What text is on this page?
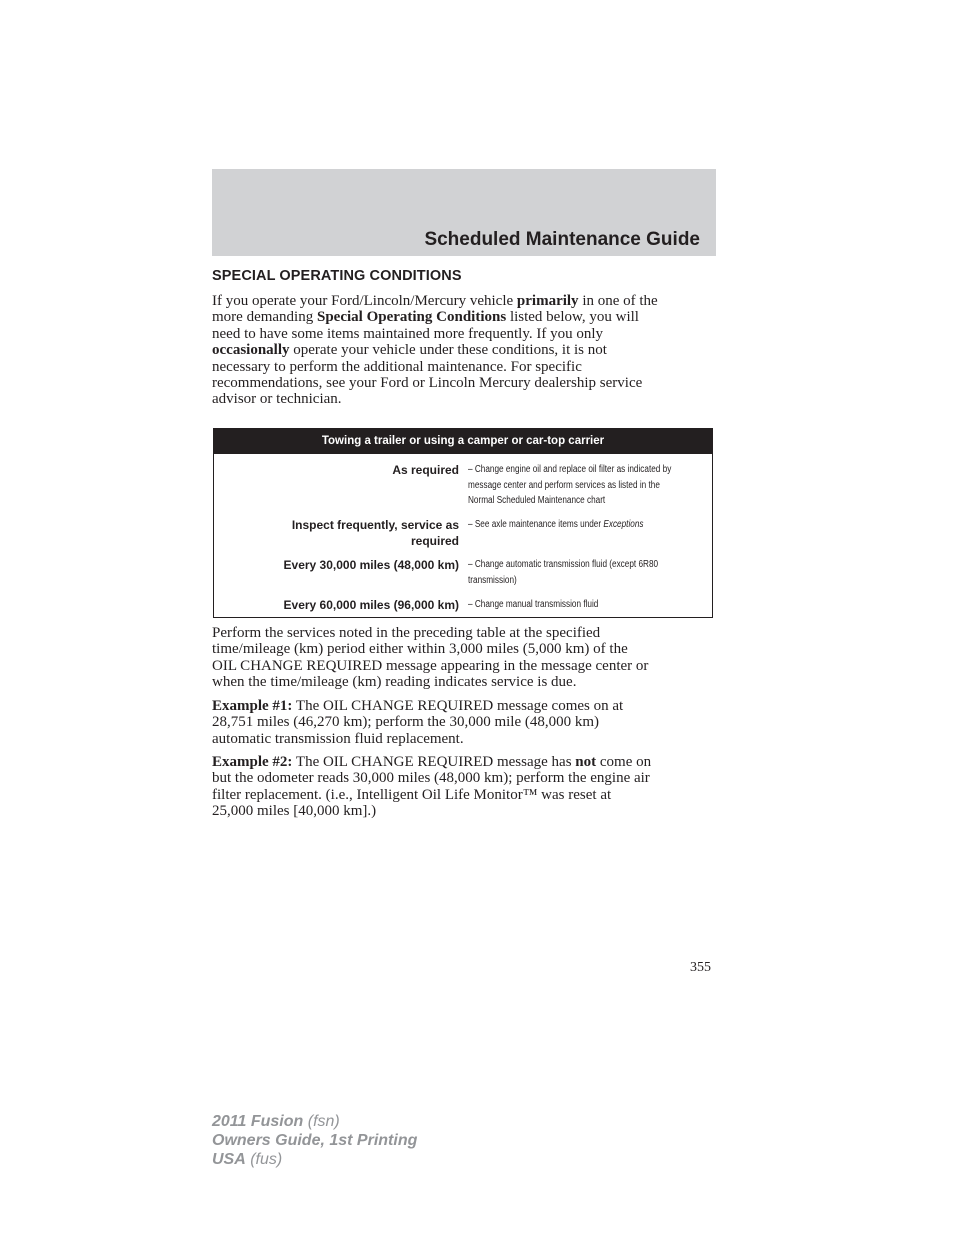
Scheduled Maintenance Guide
SPECIAL OPERATING CONDITIONS

If you operate your Ford/Lincoln/Mercury vehicle primarily in one of the
more demanding Special Operating Conditions listed below, you will
need to have some items maintained more frequently. If you only
occasionally operate your vehicle under these conditions, it is not
necessary to perform the additional maintenance. For specific
recommendations, see your Ford or Lincoln Mercury dealership service
advisor or technician.

Towing a trailer or using a camper or car-top carrier
As required – Change engine oil and replace oil filter as indicated by
message center and perform services as listed in the
Normal Scheduled Maintenance chart
Inspect frequently, service as
required
– See axle maintenance items under Exceptions
Every 30,000 miles (48,000 km) – Change automatic transmission fluid (except 6R80
transmission)
Every 60,000 miles (96,000 km) – Change manual transmission fluid

Perform the services noted in the preceding table at the specified
time/mileage (km) period either within 3,000 miles (5,000 km) of the
OIL CHANGE REQUIRED message appearing in the message center or
when the time/mileage (km) reading indicates service is due.

Example #1: The OIL CHANGE REQUIRED message comes on at
28,751 miles (46,270 km); perform the 30,000 mile (48,000 km)
automatic transmission fluid replacement.

Example #2: The OIL CHANGE REQUIRED message has not come on
but the odometer reads 30,000 miles (48,000 km); perform the engine air
filter replacement. (i.e., Intelligent Oil Life Monitor™ was reset at
25,000 miles [40,000 km].)

355
2011 Fusion (fsn)
Owners Guide, 1st Printing
USA (fus)
